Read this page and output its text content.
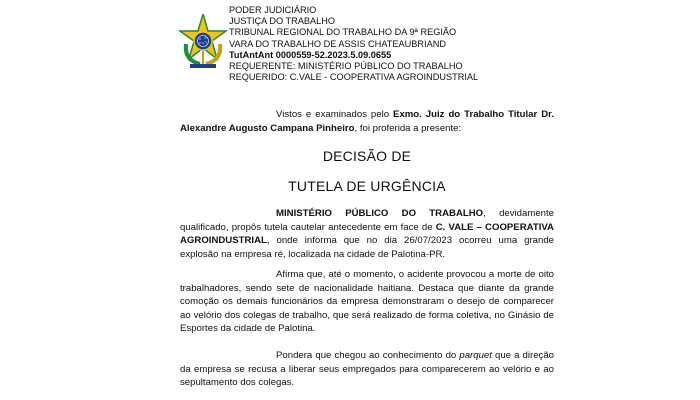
PODER JUDICIÁRIO
JUSTIÇA DO TRABALHO
TRIBUNAL REGIONAL DO TRABALHO DA 9ª REGIÃO
VARA DO TRABALHO DE ASSIS CHATEAUBRIAND
TutAntAnt 0000559-52.2023.5.09.0655
REQUERENTE: MINISTÉRIO PÚBLICO DO TRABALHO
REQUERIDO: C.VALE - COOPERATIVA AGROINDUSTRIAL
Vistos e examinados pelo Exmo. Juiz do Trabalho Titular Dr. Alexandre Augusto Campana Pinheiro, foi proferida a presente:
DECISÃO DE
TUTELA DE URGÊNCIA
MINISTÉRIO PÚBLICO DO TRABALHO, devidamente qualificado, propôs tutela cautelar antecedente em face de C. VALE – COOPERATIVA AGROINDUSTRIAL, onde informa que no dia 26/07/2023 ocorreu uma grande explosão na empresa ré, localizada na cidade de Palotina-PR.
Afirma que, até o momento, o acidente provocou a morte de oito trabalhadores, sendo sete de nacionalidade haitiana. Destaca que diante da grande comoção os demais funcionários da empresa demonstraram o desejo de comparecer ao velório dos colegas de trabalho, que será realizado de forma coletiva, no Ginásio de Esportes da cidade de Palotina.
Pondera que chegou ao conhecimento do parquet que a direção da empresa se recusa a liberar seus empregados para comparecerem ao velório e ao sepultamento dos colegas.
